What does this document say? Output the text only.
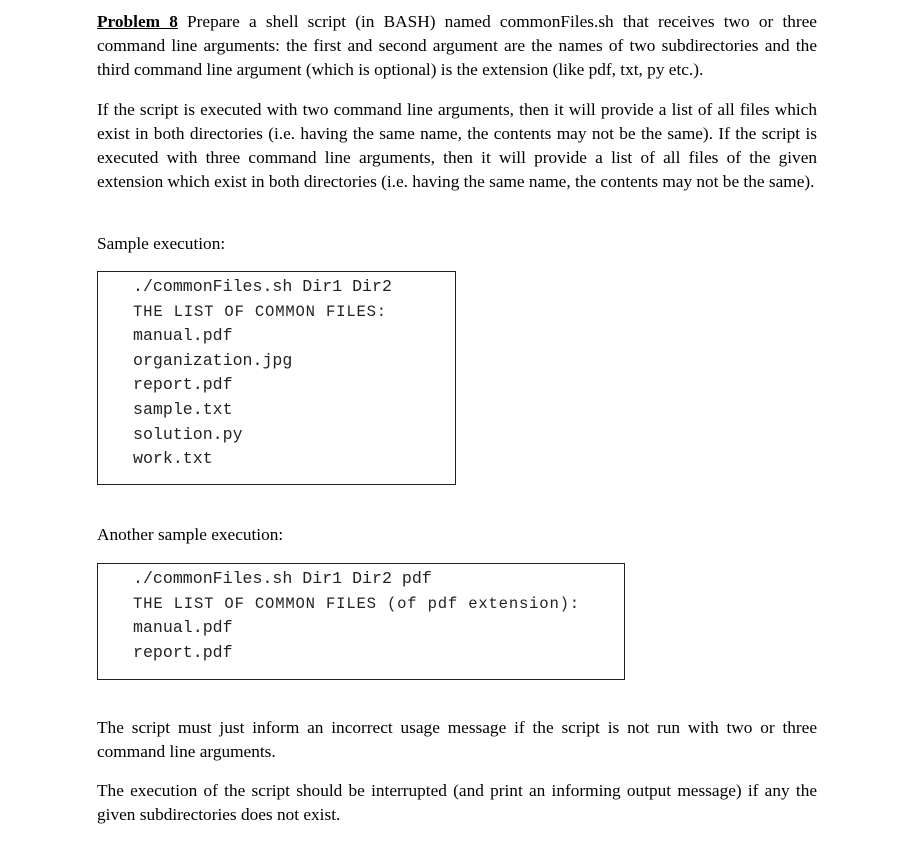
Problem 8 Prepare a shell script (in BASH) named commonFiles.sh that receives two or three command line arguments: the first and second argument are the names of two subdirectories and the third command line argument (which is optional) is the extension (like pdf, txt, py etc.).

If the script is executed with two command line arguments, then it will provide a list of all files which exist in both directories (i.e. having the same name, the contents may not be the same). If the script is executed with three command line arguments, then it will provide a list of all files of the given extension which exist in both directories (i.e. having the same name, the contents may not be the same).

Sample execution:

./commonFiles.sh Dir1 Dir2
THE LIST OF COMMON FILES:
manual.pdf
organization.jpg
report.pdf
sample.txt
solution.py
work.txt

Another sample execution:

./commonFiles.sh Dir1 Dir2 pdf
THE LIST OF COMMON FILES (of pdf extension):
manual.pdf
report.pdf

The script must just inform an incorrect usage message if the script is not run with two or three command line arguments.

The execution of the script should be interrupted (and print an informing output message) if any the given subdirectories does not exist.
